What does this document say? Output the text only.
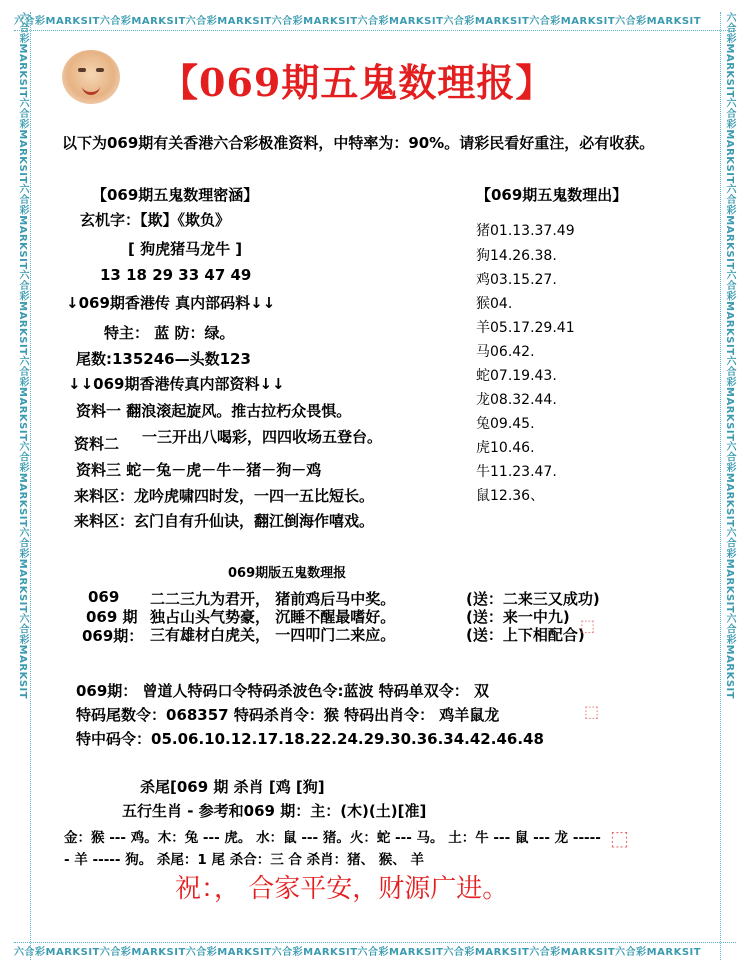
六合彩MARKSIT六合彩MARKSIT六合彩MARKSIT六合彩MARKSIT六合彩MARKSIT六合彩MARKSIT六合彩MARKSIT六合彩MARKSIT
六合彩MARKSIT六合彩MARKSIT六合彩MARKSIT六合彩MARKSIT六合彩MARKSIT六合彩MARKSIT六合彩MARKSIT六合彩MARKSIT
六合彩MARKSIT六合彩MARKSIT六合彩MARKSIT六合彩MARKSIT六合彩MARKSIT六合彩MARKSIT六合彩MARKSIT六合彩MARKSIT	六合彩MARKSIT六合彩MARKSIT六合彩MARKSIT六合彩MARKSIT六合彩MARKSIT六合彩MARKSIT六合彩MARKSIT六合彩MARKSIT
【069期五鬼数理报】
以下为069期有关香港六合彩极准资料，中特率为：90%。请彩民看好重注，必有收获。
【069期五鬼数理密涵】
玄机字：【欺】《欺负》
[ 狗虎猪马龙牛 ]
13 18 29 33 47 49
↓069期香港传 真内部码料↓↓
特主： 蓝 防：绿。
尾数:135246—头数123
↓↓069期香港传真内部资料↓↓
资料一 翻浪滚起旋风。推古拉朽众畏惧。
资料二 一三开出八喝彩，四四收场五登台。
资料三 蛇－兔－虎－牛－猪－狗－鸡
来料区：龙吟虎啸四时发，一四一五比短长。
来料区：玄门自有升仙诀，翻江倒海作嘻戏。
【069期五鬼数理出】
猪01.13.37.49
狗14.26.38.
鸡03.15.27.
猴04.
羊05.17.29.41
马06.42.
蛇07.19.43.
龙08.32.44.
兔09.45.
虎10.46.
牛11.23.47.
鼠12.36、
069期版五鬼数理报
069 二二三九为君开， 猪前鸡后马中奖。	(送：二来三又成功)
069 期 独占山头气势豪， 沉睡不醒最嗜好。	(送：来一中九)
069期： 三有雄材白虎关， 一四叩门二来应。	(送：上下相配合)
⬚
069期： 曾道人特码口令特码杀波色令:蓝波 特码单双令： 双
特码尾数令：068357 特码杀肖令：猴 特码出肖令： 鸡羊鼠龙
特中码令：05.06.10.12.17.18.22.24.29.30.36.34.42.46.48
⬚
杀尾[069 期 杀肖 [鸡 [狗]
五行生肖 - 参考和069 期：主：(木)(土)[准]
金：猴 --- 鸡。木：兔 --- 虎。 水：鼠 --- 猪。火：蛇 --- 马。 土：牛 --- 鼠 --- 龙 -----
- 羊 ----- 狗。 杀尾：1 尾 杀合：三 合 杀肖：猪、 猴、 羊
⬚
祝：， 合家平安，财源广进。
